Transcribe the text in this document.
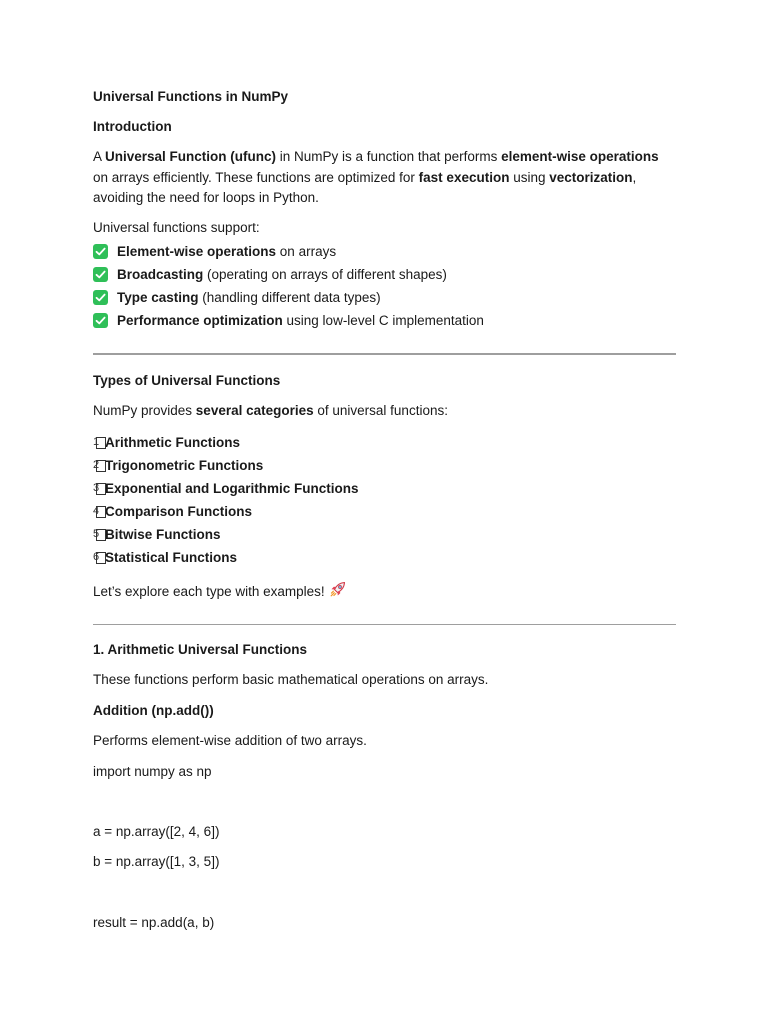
Universal Functions in NumPy
Introduction
A Universal Function (ufunc) in NumPy is a function that performs element-wise operations
on arrays efficiently. These functions are optimized for fast execution using vectorization,
avoiding the need for loops in Python.
Universal functions support:
Element-wise operations on arrays
Broadcasting (operating on arrays of different shapes)
Type casting (handling different data types)
Performance optimization using low-level C implementation
Types of Universal Functions
NumPy provides several categories of universal functions:
1 Arithmetic Functions
2 Trigonometric Functions
3 Exponential and Logarithmic Functions
4 Comparison Functions
5 Bitwise Functions
6 Statistical Functions
Let’s explore each type with examples!
1. Arithmetic Universal Functions
These functions perform basic mathematical operations on arrays.
Addition (np.add())
Performs element-wise addition of two arrays.
import numpy as np
a = np.array([2, 4, 6])
b = np.array([1, 3, 5])
result = np.add(a, b)
